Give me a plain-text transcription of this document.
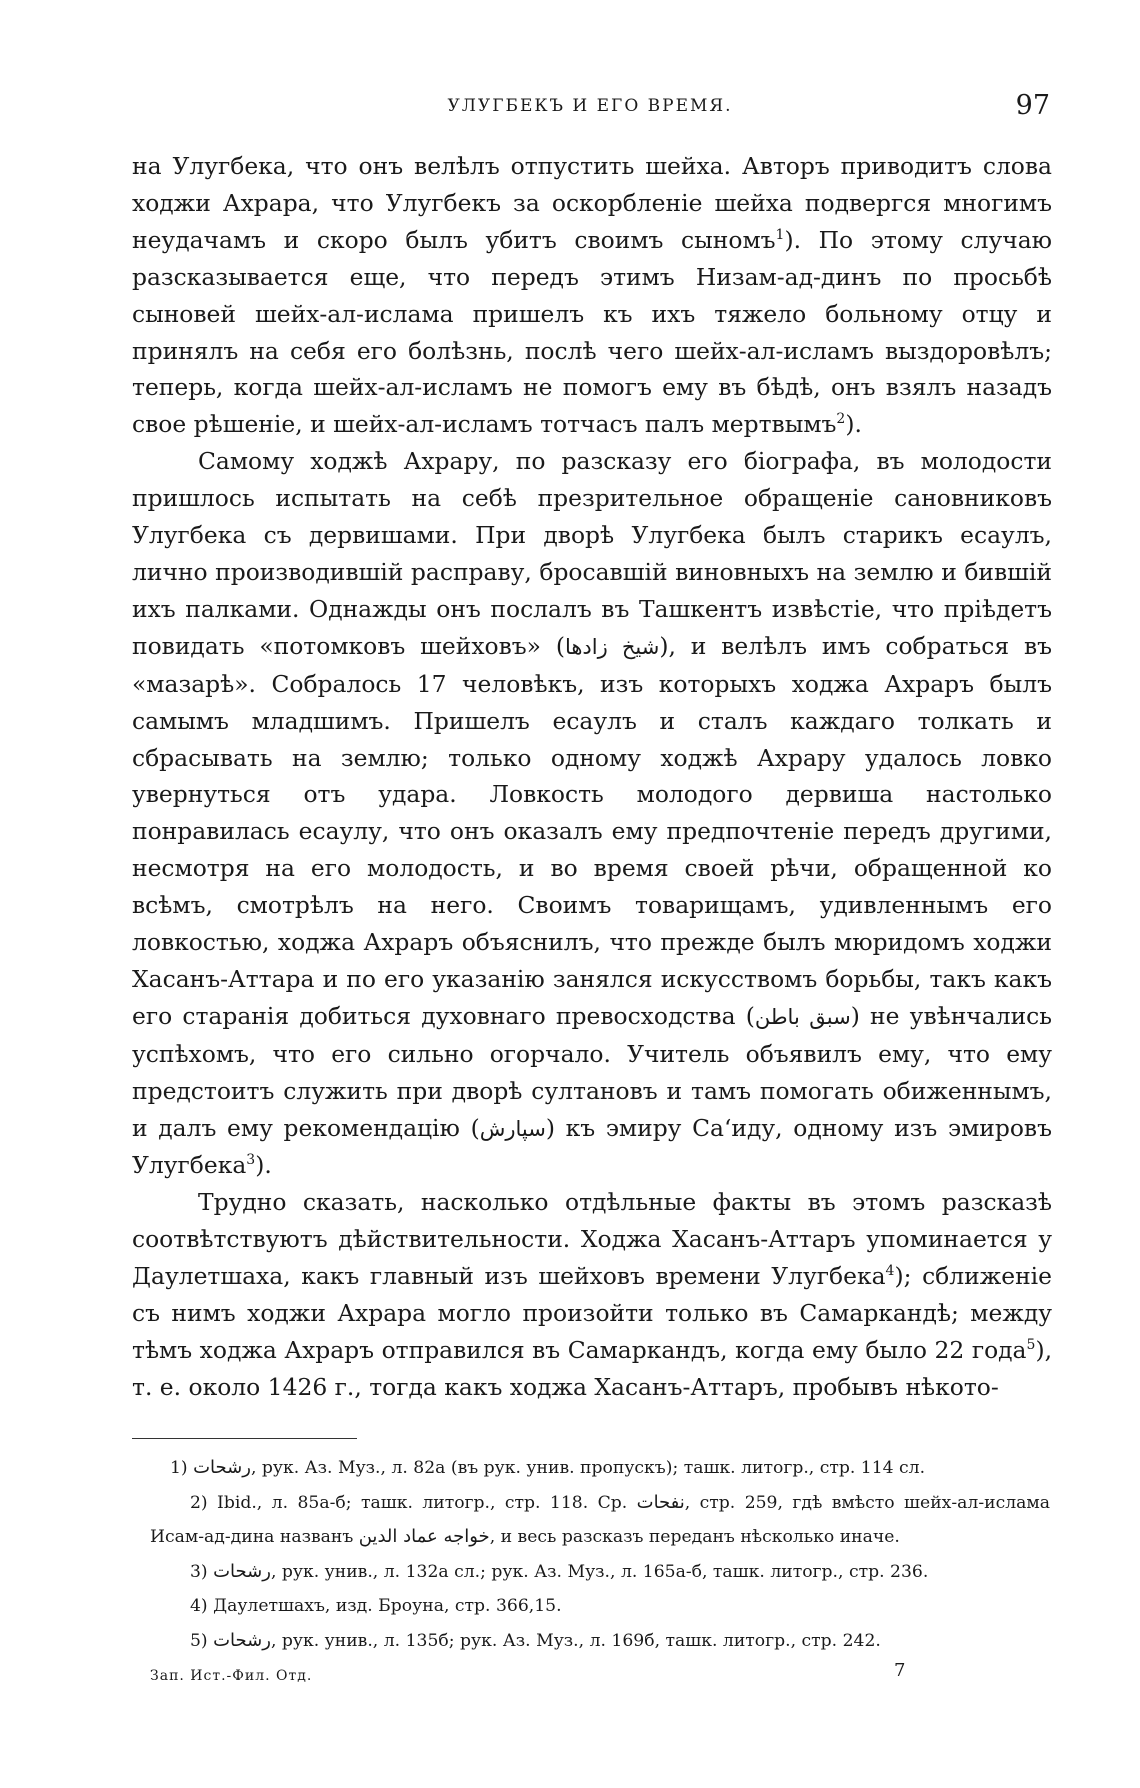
УЛУГБЕКЪ И ЕГО ВРЕМЯ.	97

на Улугбека, что онъ велѣлъ отпустить шейха. Авторъ приводитъ слова ходжи Ахрара, что Улугбекъ за оскорбленіе шейха подвергся многимъ неудачамъ и скоро былъ убитъ своимъ сыномъ$^1$). По этому случаю разсказывается еще, что передъ этимъ Низам-ад-динъ по просьбѣ сыновей шейх-ал-ислама пришелъ къ ихъ тяжело больному отцу и принялъ на себя его болѣзнь, послѣ чего шейх-ал-исламъ выздоровѣлъ; теперь, когда шейх-ал-исламъ не помогъ ему въ бѣдѣ, онъ взялъ назадъ свое рѣшеніе, и шейх-ал-исламъ тотчасъ палъ мертвымъ$^2$).

Самому ходжѣ Ахрару, по разсказу его біографа, въ молодости пришлось испытать на себѣ презрительное обращеніе сановниковъ Улугбека съ дервишами. При дворѣ Улугбека былъ старикъ есаулъ, лично производившій расправу, бросавшій виновныхъ на землю и бившій ихъ палками. Однажды онъ послалъ въ Ташкентъ извѣстіе, что пріѣдетъ повидать «потомковъ шейховъ» (شیخ زادها), и велѣлъ имъ собраться въ «мазарѣ». Собралось 17 человѣкъ, изъ которыхъ ходжа Ахраръ былъ самымъ младшимъ. Пришелъ есаулъ и сталъ каждаго толкать и сбрасывать на землю; только одному ходжѣ Ахрару удалось ловко увернуться отъ удара. Ловкость молодого дервиша настолько понравилась есаулу, что онъ оказалъ ему предпочтеніе передъ другими, несмотря на его молодость, и во время своей рѣчи, обращенной ко всѣмъ, смотрѣлъ на него. Своимъ товарищамъ, удивленнымъ его ловкостью, ходжа Ахраръ объяснилъ, что прежде былъ мюридомъ ходжи Хасанъ-Аттара и по его указанію занялся искусствомъ борьбы, такъ какъ его старанія добиться духовнаго превосходства (سبق باطن) не увѣнчались успѣхомъ, что его сильно огорчало. Учитель объявилъ ему, что ему предстоитъ служить при дворѣ султановъ и тамъ помогать обиженнымъ, и далъ ему рекомендацію (سپارش) къ эмиру Саʻиду, одному изъ эмировъ Улугбека$^3$).

Трудно сказать, насколько отдѣльные факты въ этомъ разсказѣ соотвѣтствуютъ дѣйствительности. Ходжа Хасанъ-Аттаръ упоминается у Даулетшаха, какъ главный изъ шейховъ времени Улугбека$^4$); сближеніе съ нимъ ходжи Ахрара могло произойти только въ Самаркандѣ; между тѣмъ ходжа Ахраръ отправился въ Самаркандъ, когда ему было 22 года$^5$), т. е. около 1426 г., тогда какъ ходжа Хасанъ-Аттаръ, пробывъ нѣкото-

1) رشحات, рук. Аз. Муз., л. 82а (въ рук. унив. пропускъ); ташк. литогр., стр. 114 сл.

2) Ibid., л. 85а-б; ташк. литогр., стр. 118. Ср. نفحات, стр. 259, гдѣ вмѣсто шейх-ал-ислама Исам-ад-дина названъ خواجه عماد الدین, и весь разсказъ переданъ нѣсколько иначе.

3) رشحات, рук. унив., л. 132а сл.; рук. Аз. Муз., л. 165а-б, ташк. литогр., стр. 236.

4) Даулетшахъ, изд. Броуна, стр. 366,15.

5) رشحات, рук. унив., л. 135б; рук. Аз. Муз., л. 169б, ташк. литогр., стр. 242.

Зап. Ист.-Фил. Отд.	7
